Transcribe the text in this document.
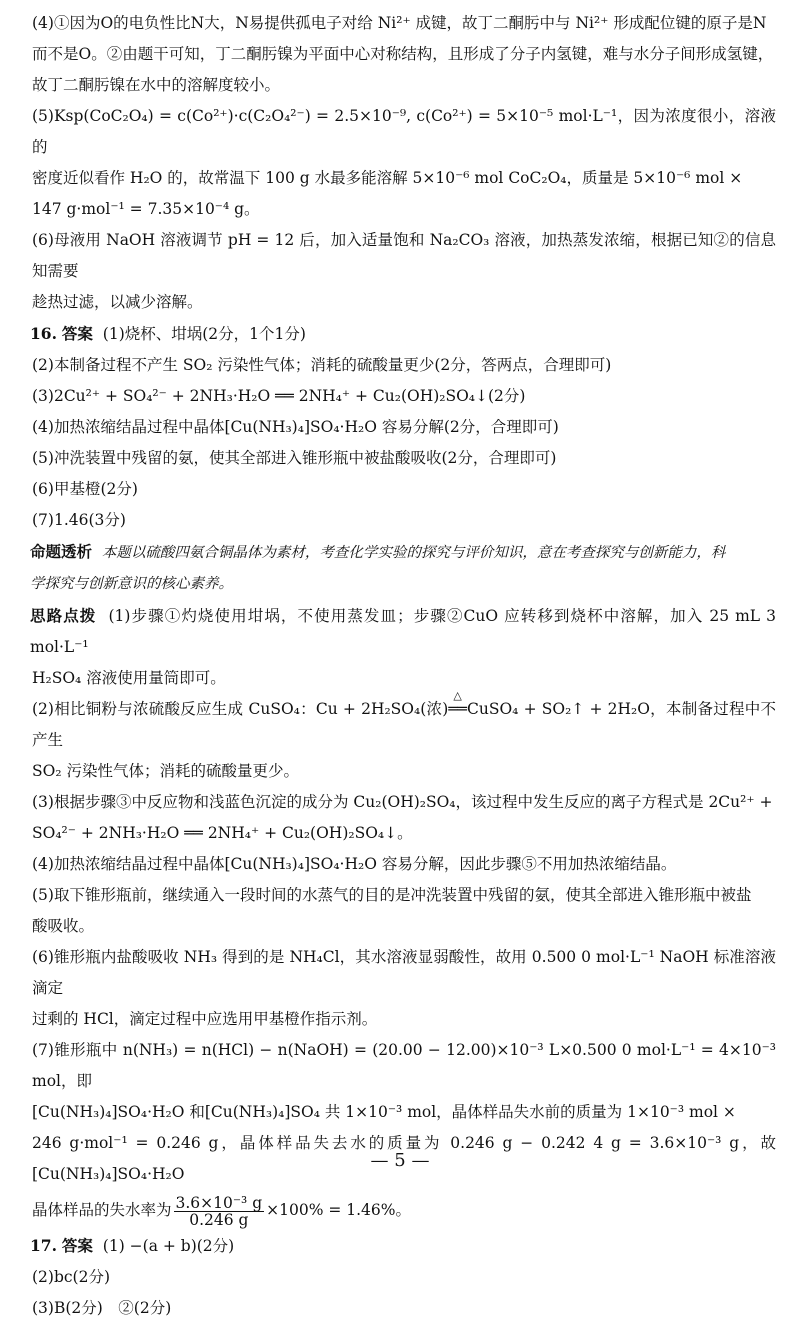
(4)①因为O的电负性比N大，N易提供孤电子对给 Ni²⁺ 成键，故丁二酮肟中与 Ni²⁺ 形成配位键的原子是N

而不是O。②由题干可知，丁二酮肟镍为平面中心对称结构，且形成了分子内氢键，难与水分子间形成氢键，

故丁二酮肟镍在水中的溶解度较小。

(5)Ksp(CoC₂O₄) = c(Co²⁺)·c(C₂O₄²⁻) = 2.5×10⁻⁹, c(Co²⁺) = 5×10⁻⁵ mol·L⁻¹，因为浓度很小，溶液的

密度近似看作 H₂O 的，故常温下 100 g 水最多能溶解 5×10⁻⁶ mol CoC₂O₄，质量是 5×10⁻⁶ mol ×

147 g·mol⁻¹ = 7.35×10⁻⁴ g。

(6)母液用 NaOH 溶液调节 pH = 12 后，加入适量饱和 Na₂CO₃ 溶液，加热蒸发浓缩，根据已知②的信息知需要

趁热过滤，以减少溶解。

16. 答案 (1)烧杯、坩埚(2分，1个1分)

(2)本制备过程不产生 SO₂ 污染性气体；消耗的硫酸量更少(2分，答两点，合理即可)

(3)2Cu²⁺ + SO₄²⁻ + 2NH₃·H₂O ══ 2NH₄⁺ + Cu₂(OH)₂SO₄↓(2分)

(4)加热浓缩结晶过程中晶体[Cu(NH₃)₄]SO₄·H₂O 容易分解(2分，合理即可)

(5)冲洗装置中残留的氨，使其全部进入锥形瓶中被盐酸吸收(2分，合理即可)

(6)甲基橙(2分)

(7)1.46(3分)

命题透析 本题以硫酸四氨合铜晶体为素材，考查化学实验的探究与评价知识，意在考查探究与创新能力，科

学探究与创新意识的核心素养。

思路点拨 (1)步骤①灼烧使用坩埚，不使用蒸发皿；步骤②CuO 应转移到烧杯中溶解，加入 25 mL 3 mol·L⁻¹

H₂SO₄ 溶液使用量筒即可。

(2)相比铜粉与浓硫酸反应生成 CuSO₄：Cu + 2H₂SO₄(浓)
△
══CuSO₄ + SO₂↑ + 2H₂O，本制备过程中不产生

SO₂ 污染性气体；消耗的硫酸量更少。

(3)根据步骤③中反应物和浅蓝色沉淀的成分为 Cu₂(OH)₂SO₄，该过程中发生反应的离子方程式是 2Cu²⁺ +

SO₄²⁻ + 2NH₃·H₂O ══ 2NH₄⁺ + Cu₂(OH)₂SO₄↓。

(4)加热浓缩结晶过程中晶体[Cu(NH₃)₄]SO₄·H₂O 容易分解，因此步骤⑤不用加热浓缩结晶。

(5)取下锥形瓶前，继续通入一段时间的水蒸气的目的是冲洗装置中残留的氨，使其全部进入锥形瓶中被盐

酸吸收。

(6)锥形瓶内盐酸吸收 NH₃ 得到的是 NH₄Cl，其水溶液显弱酸性，故用 0.500 0 mol·L⁻¹ NaOH 标准溶液滴定

过剩的 HCl，滴定过程中应选用甲基橙作指示剂。

(7)锥形瓶中 n(NH₃) = n(HCl) − n(NaOH) = (20.00 − 12.00)×10⁻³ L×0.500 0 mol·L⁻¹ = 4×10⁻³ mol，即

[Cu(NH₃)₄]SO₄·H₂O 和[Cu(NH₃)₄]SO₄ 共 1×10⁻³ mol，晶体样品失水前的质量为 1×10⁻³ mol ×

246 g·mol⁻¹ = 0.246 g，晶体样品失去水的质量为 0.246 g − 0.242 4 g = 3.6×10⁻³ g，故[Cu(NH₃)₄]SO₄·H₂O

晶体样品的失水率为 $\frac{\text{3.6×10⁻³ g}}{0.246 g} \times 100\% = 1.46\%$。

17. 答案 (1) −(a + b)(2分)

(2)bc(2分)

(3)B(2分)　②(2分)

— 5 —
